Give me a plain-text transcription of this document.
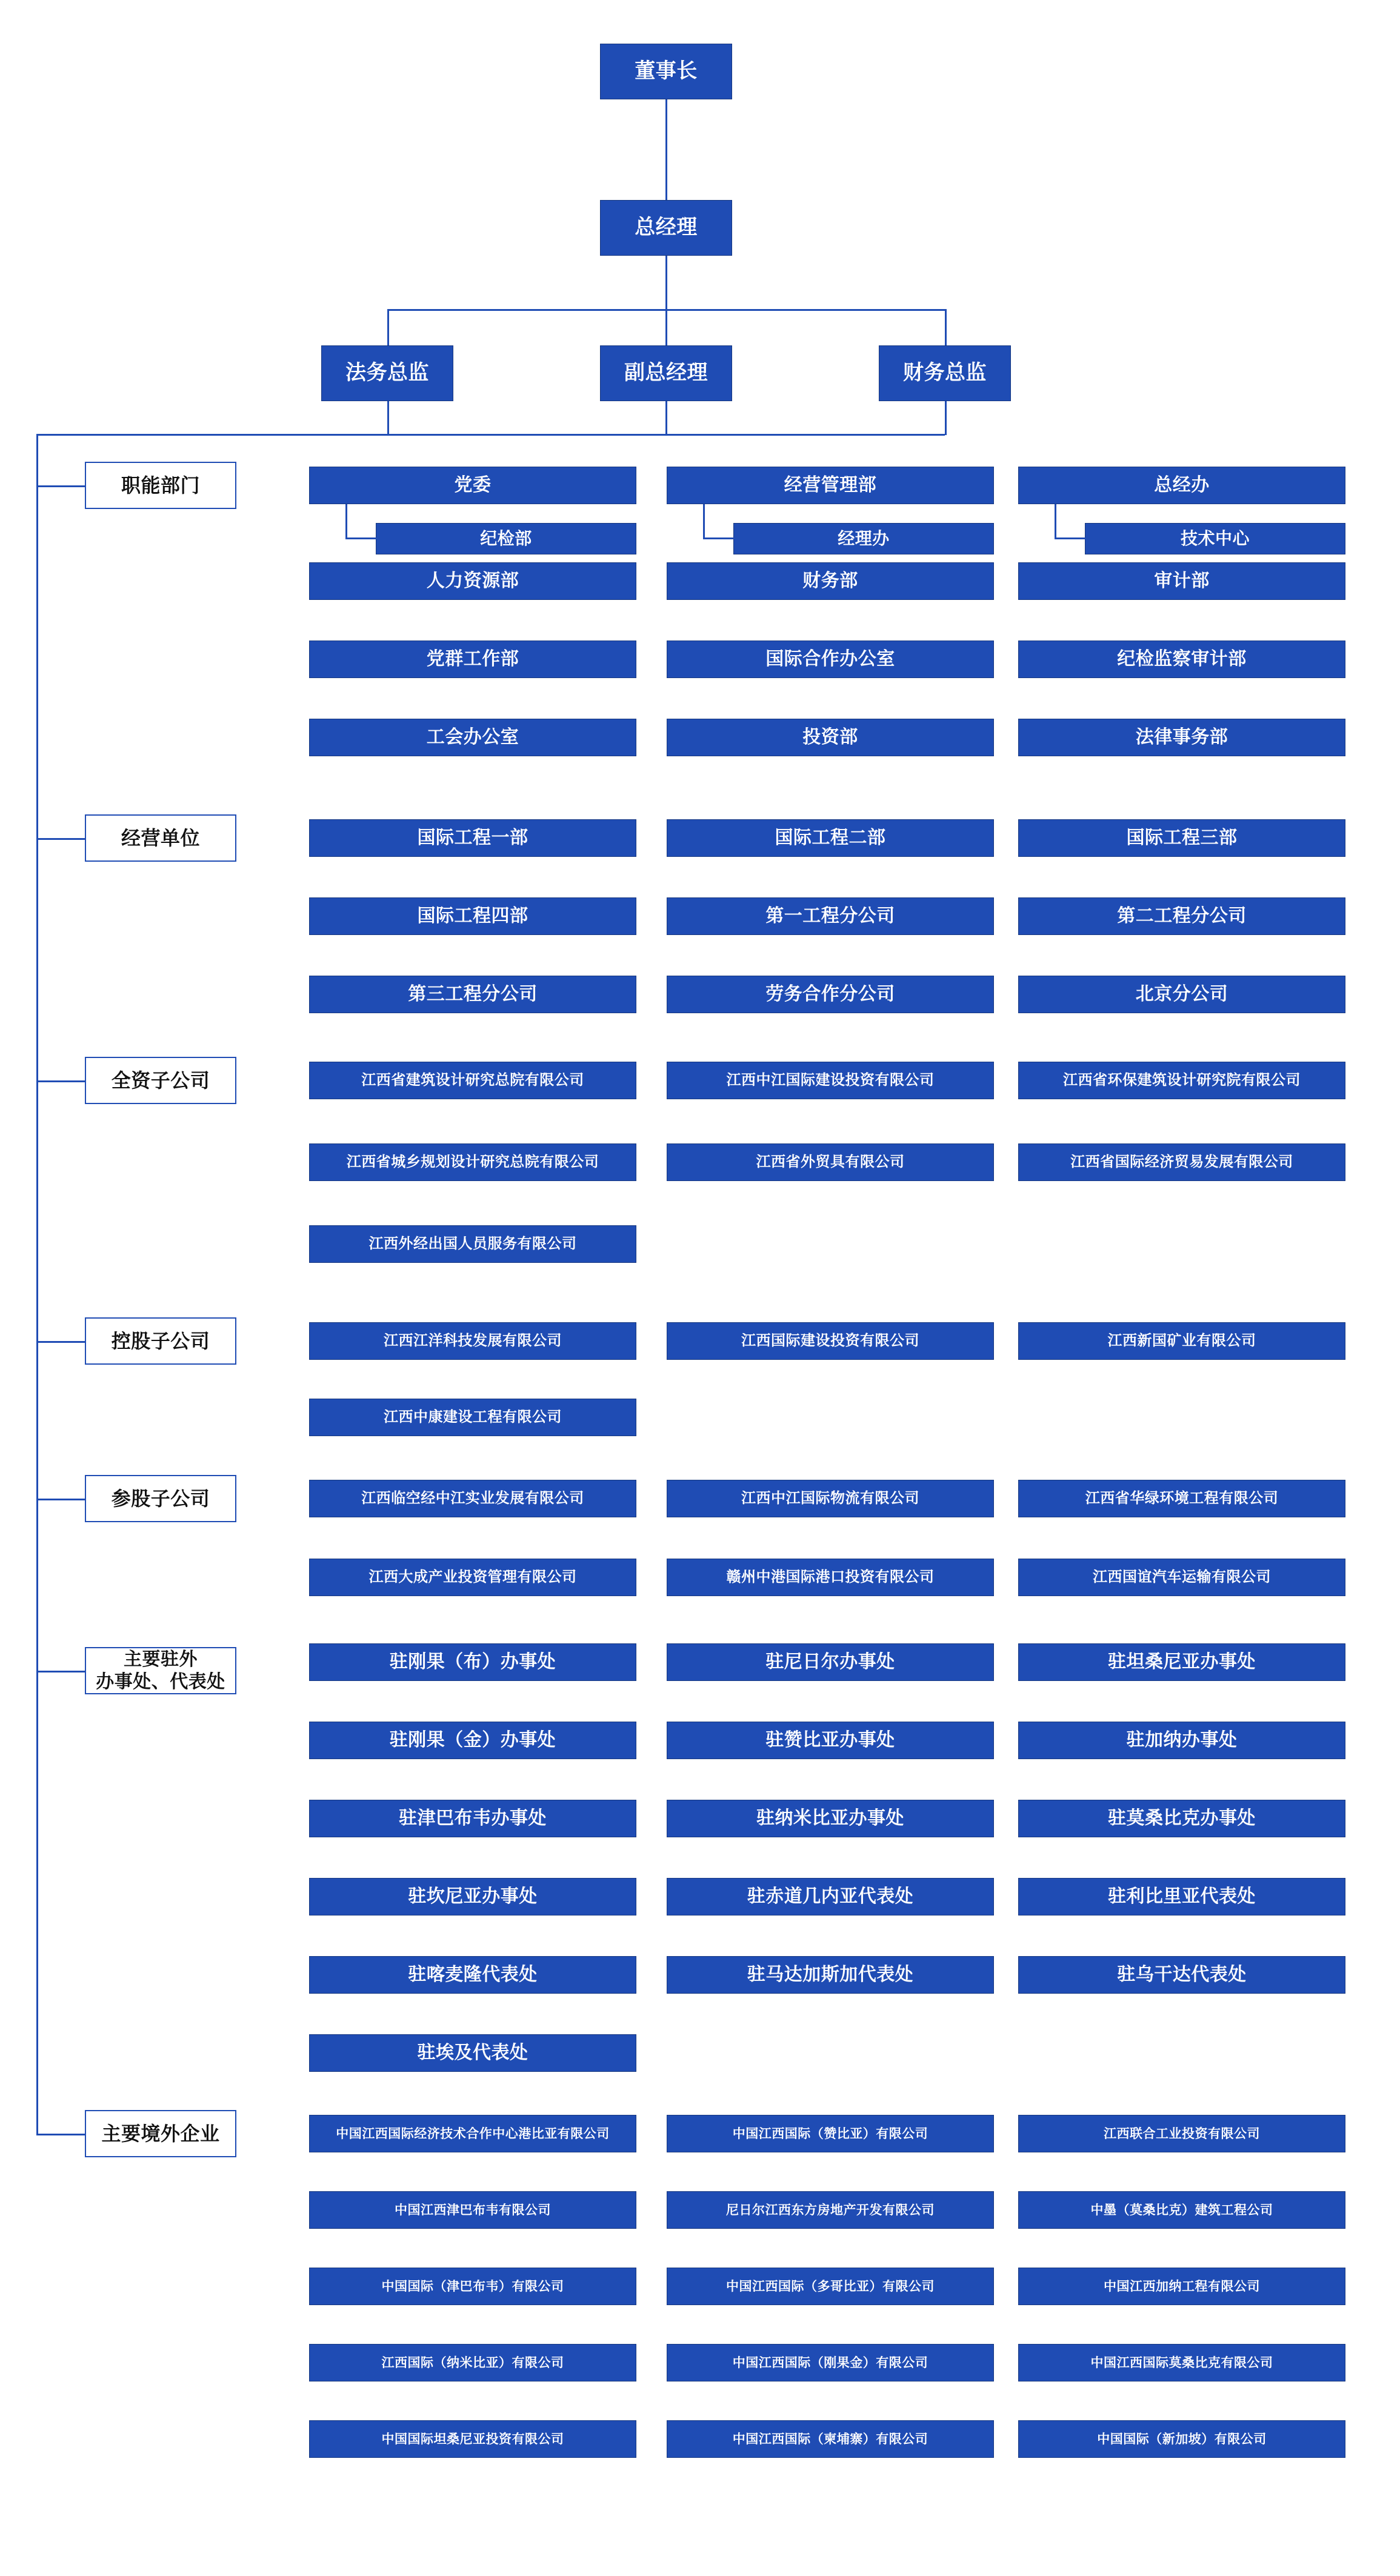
董事长
总经理
法务总监	副总经理	财务总监
党委	经营管理部	总经办
纪检部	经理办	技术中心
人力资源部	财务部	审计部
党群工作部	国际合作办公室	纪检监察审计部
工会办公室	投资部	法律事务部
国际工程一部	国际工程二部	国际工程三部
国际工程四部	第一工程分公司	第二工程分公司
第三工程分公司	劳务合作分公司	北京分公司
江西省建筑设计研究总院有限公司	江西中江国际建设投资有限公司	江西省环保建筑设计研究院有限公司
江西省城乡规划设计研究总院有限公司	江西省外贸具有限公司	江西省国际经济贸易发展有限公司
江西外经出国人员服务有限公司
江西江洋科技发展有限公司	江西国际建设投资有限公司	江西新国矿业有限公司
江西中康建设工程有限公司
江西临空经中江实业发展有限公司	江西中江国际物流有限公司	江西省华绿环境工程有限公司
江西大成产业投资管理有限公司	赣州中港国际港口投资有限公司	江西国谊汽车运输有限公司
驻刚果（布）办事处	驻尼日尔办事处	驻坦桑尼亚办事处
驻刚果（金）办事处	驻赞比亚办事处	驻加纳办事处
驻津巴布韦办事处	驻纳米比亚办事处	驻莫桑比克办事处
驻坎尼亚办事处	驻赤道几内亚代表处	驻利比里亚代表处
驻喀麦隆代表处	驻马达加斯加代表处	驻乌干达代表处
驻埃及代表处
中国江西国际经济技术合作中心港比亚有限公司	中国江西国际（赞比亚）有限公司	江西联合工业投资有限公司
中国江西津巴布韦有限公司	尼日尔江西东方房地产开发有限公司	中墨（莫桑比克）建筑工程公司
中国国际（津巴布韦）有限公司	中国江西国际（多哥比亚）有限公司	中国江西加纳工程有限公司
江西国际（纳米比亚）有限公司	中国江西国际（刚果金）有限公司	中国江西国际莫桑比克有限公司
中国国际坦桑尼亚投资有限公司	中国江西国际（柬埔寨）有限公司	中国国际（新加坡）有限公司
职能部门
经营单位
全资子公司
控股子公司
参股子公司
主要驻外
办事处、代表处
主要境外企业
